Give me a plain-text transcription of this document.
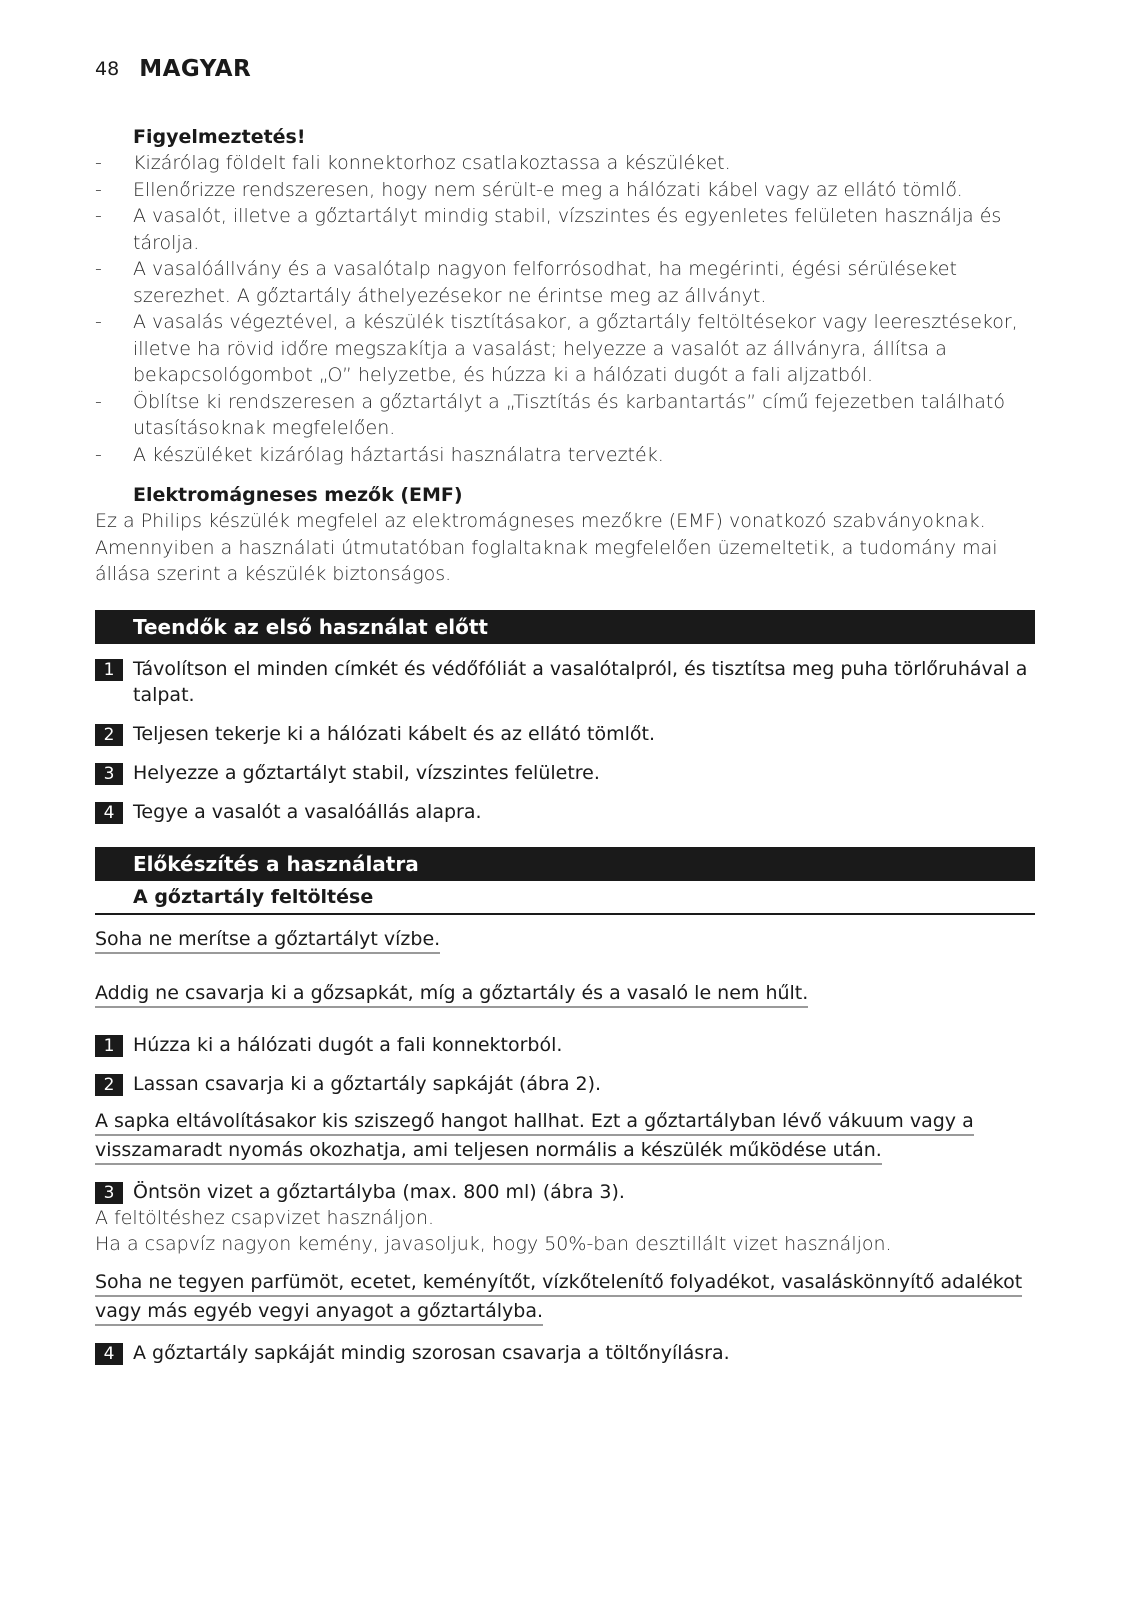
48 MAGYAR
Figyelmeztetés!
- Kizárólag földelt fali konnektorhoz csatlakoztassa a készüléket.
- Ellenőrizze rendszeresen, hogy nem sérült-e meg a hálózati kábel vagy az ellátó tömlő.
- A vasalót, illetve a gőztartályt mindig stabil, vízszintes és egyenletes felületen használja és tárolja.
- A vasalóállvány és a vasalótalp nagyon felforrósodhat, ha megérinti, égési sérüléseket szerezhet. A gőztartály áthelyezésekor ne érintse meg az állványt.
- A vasalás végeztével, a készülék tisztításakor, a gőztartály feltöltésekor vagy leeresztésekor, illetve ha rövid időre megszakítja a vasalást; helyezze a vasalót az állványra, állítsa a bekapcsológombot „O” helyzetbe, és húzza ki a hálózati dugót a fali aljzatból.
- Öblítse ki rendszeresen a gőztartályt a „Tisztítás és karbantartás” című fejezetben található utasításoknak megfelelően.
- A készüléket kizárólag háztartási használatra tervezték.
Elektromágneses mezők (EMF)
Ez a Philips készülék megfelel az elektromágneses mezőkre (EMF) vonatkozó szabványoknak. Amennyiben a használati útmutatóban foglaltaknak megfelelően üzemeltetik, a tudomány mai állása szerint a készülék biztonságos.
Teendők az első használat előtt
1 Távolítson el minden címkét és védőfóliát a vasalótalpról, és tisztítsa meg puha törlőruhával a talpat.
2 Teljesen tekerje ki a hálózati kábelt és az ellátó tömlőt.
3 Helyezze a gőztartályt stabil, vízszintes felületre.
4 Tegye a vasalót a vasalóállás alapra.
Előkészítés a használatra
A gőztartály feltöltése
Soha ne merítse a gőztartályt vízbe.
Addig ne csavarja ki a gőzsapkát, míg a gőztartály és a vasaló le nem hűlt.
1 Húzza ki a hálózati dugót a fali konnektorból.
2 Lassan csavarja ki a gőztartály sapkáját (ábra 2).
A sapka eltávolításakor kis sziszegő hangot hallhat. Ezt a gőztartályban lévő vákuum vagy a
visszamaradt nyomás okozhatja, ami teljesen normális a készülék működése után.
3 Öntsön vizet a gőztartályba (max. 800 ml) (ábra 3).
A feltöltéshez csapvizet használjon.
Ha a csapvíz nagyon kemény, javasoljuk, hogy 50%-ban desztillált vizet használjon.
Soha ne tegyen parfümöt, ecetet, keményítőt, vízkőtelenítő folyadékot, vasaláskönnyítő adalékot
vagy más egyéb vegyi anyagot a gőztartályba.
4 A gőztartály sapkáját mindig szorosan csavarja a töltőnyílásra.
